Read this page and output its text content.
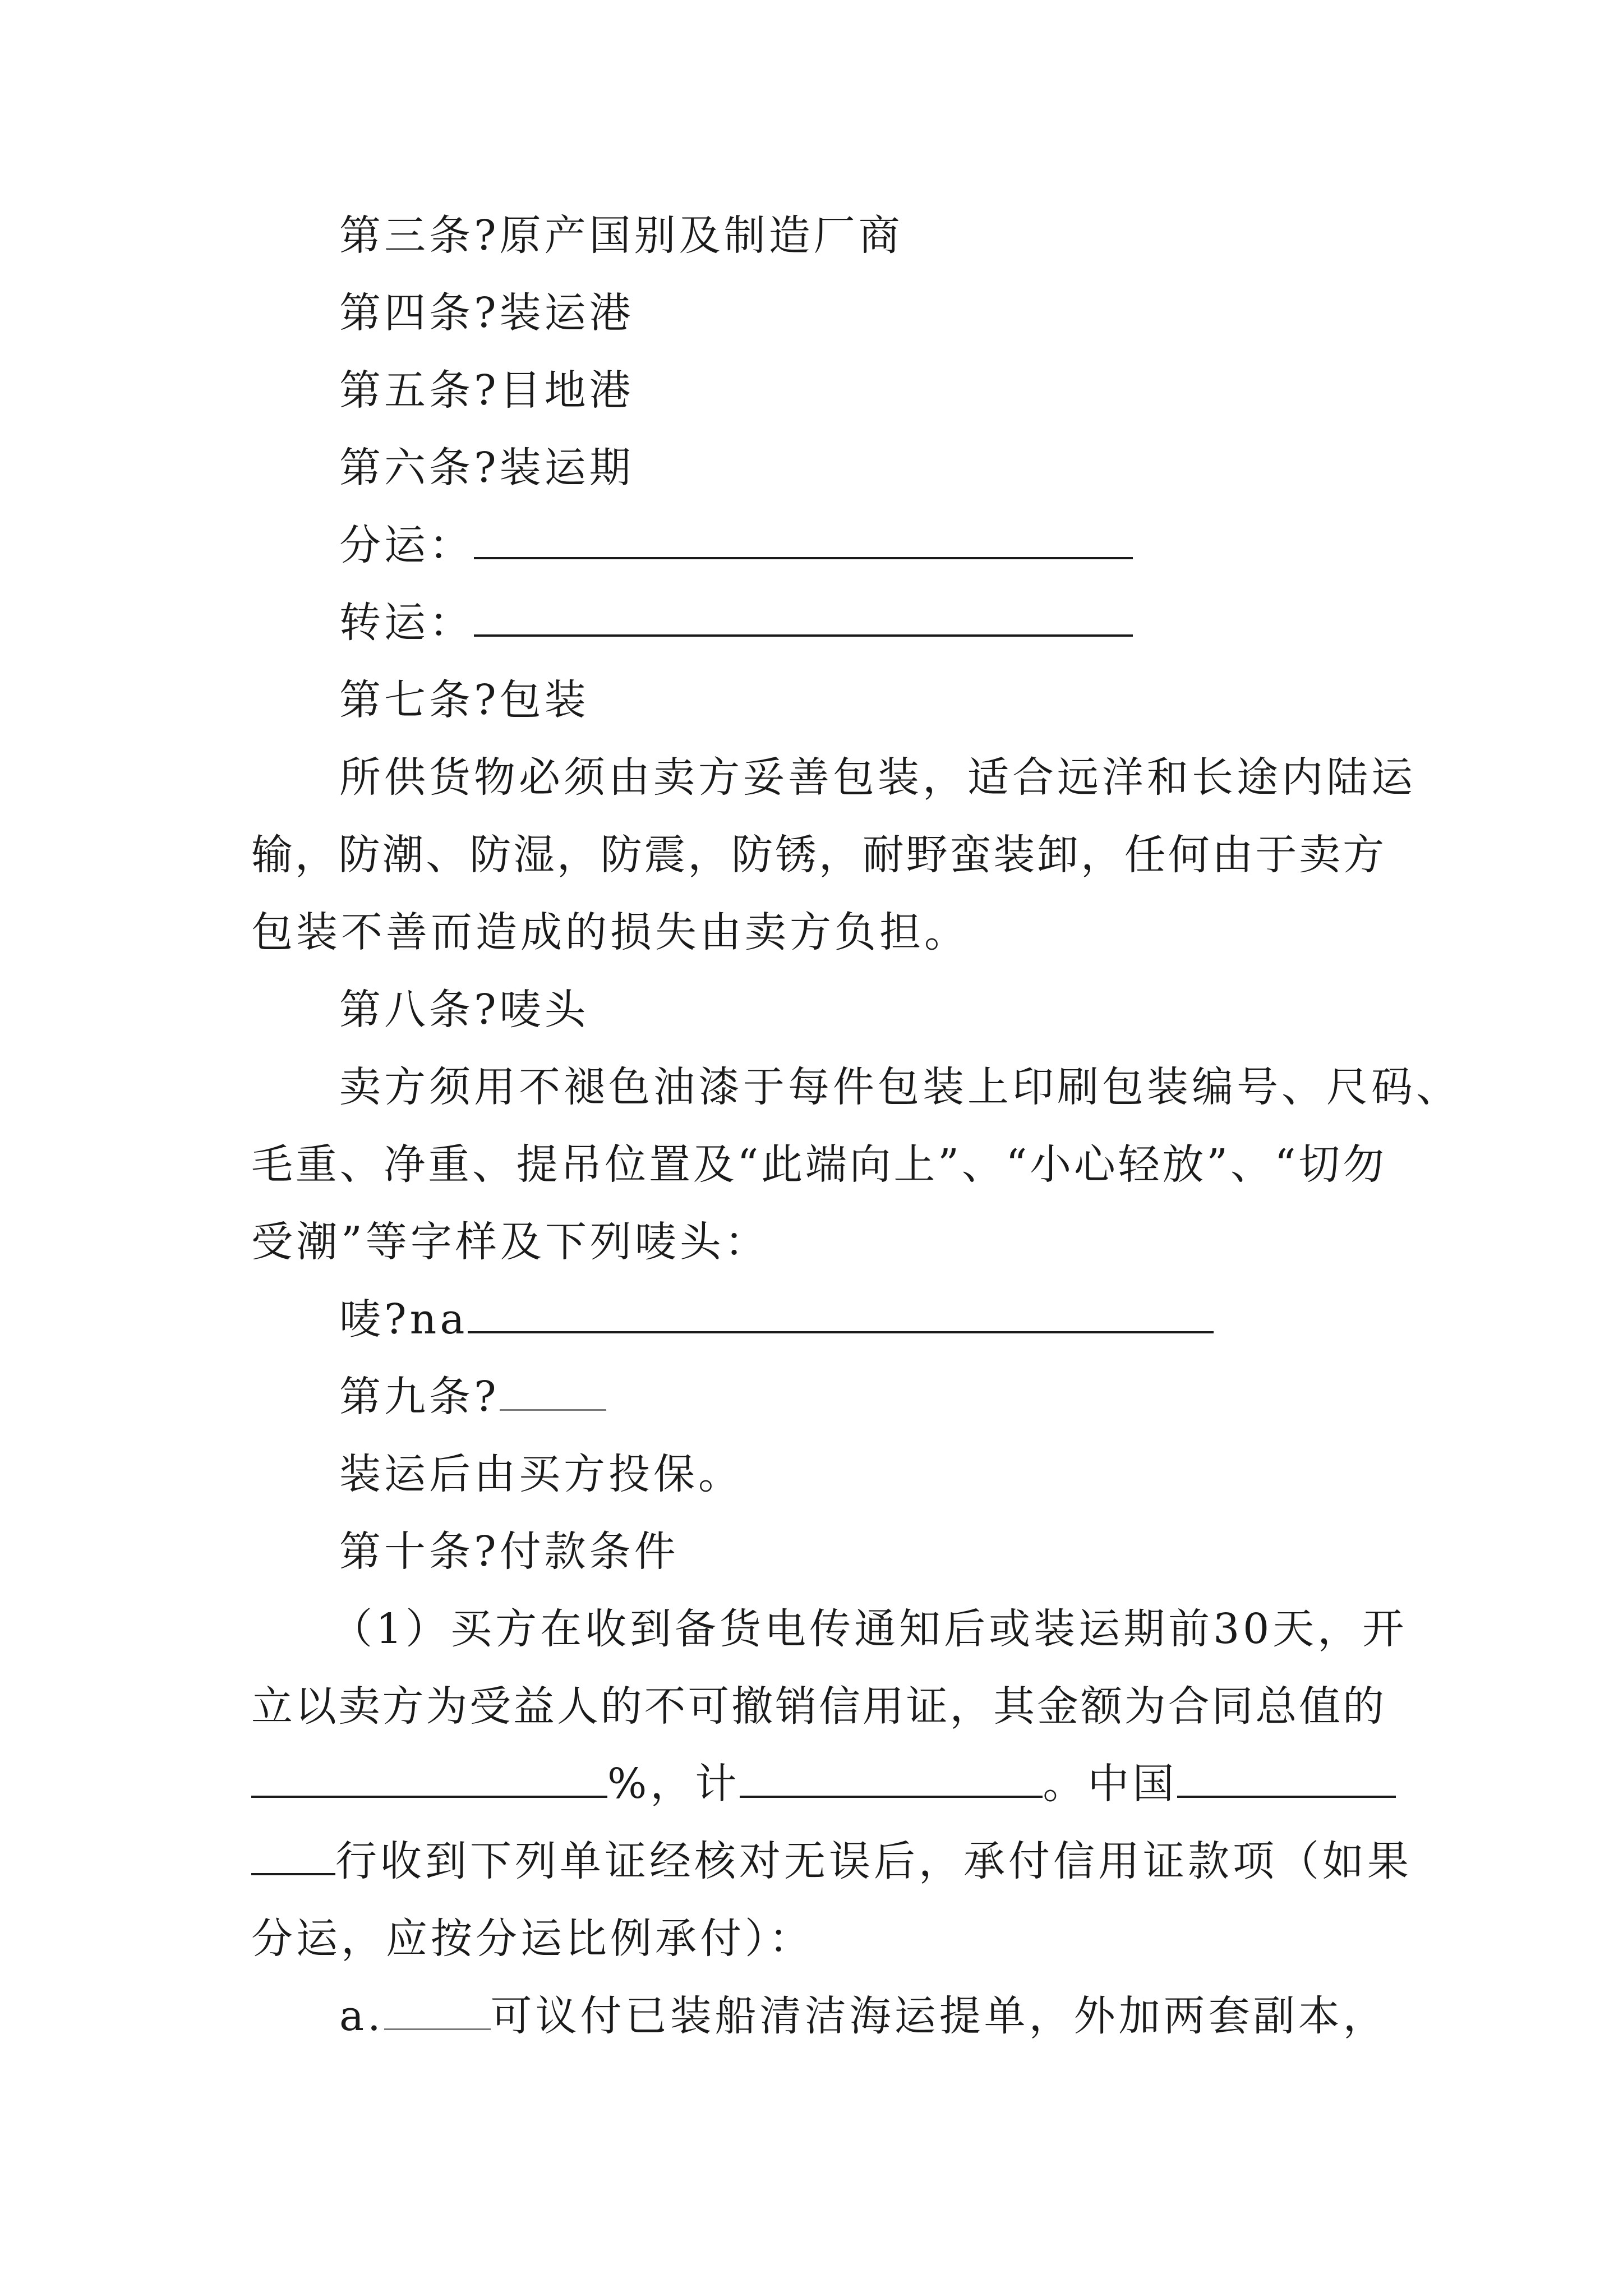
第三条?原产国别及制造厂商
第四条?装运港
第五条?目地港
第六条?装运期
分运：
转运：
第七条?包装
所供货物必须由卖方妥善包装，适合远洋和长途内陆运
输，防潮、防湿，防震，防锈，耐野蛮装卸，任何由于卖方
包装不善而造成的损失由卖方负担。
第八条?唛头
卖方须用不褪色油漆于每件包装上印刷包装编号、尺码、
毛重、净重、提吊位置及“此端向上”、“小心轻放”、“切勿
受潮”等字样及下列唛头：
唛?na
第九条?
装运后由买方投保。
第十条?付款条件
（1）买方在收到备货电传通知后或装运期前30天，开
立以卖方为受益人的不可撤销信用证，其金额为合同总值的
%，计	。中国
行收到下列单证经核对无误后，承付信用证款项（如果
分运，应按分运比例承付）：
a.	可议付已装船清洁海运提单，外加两套副本，
